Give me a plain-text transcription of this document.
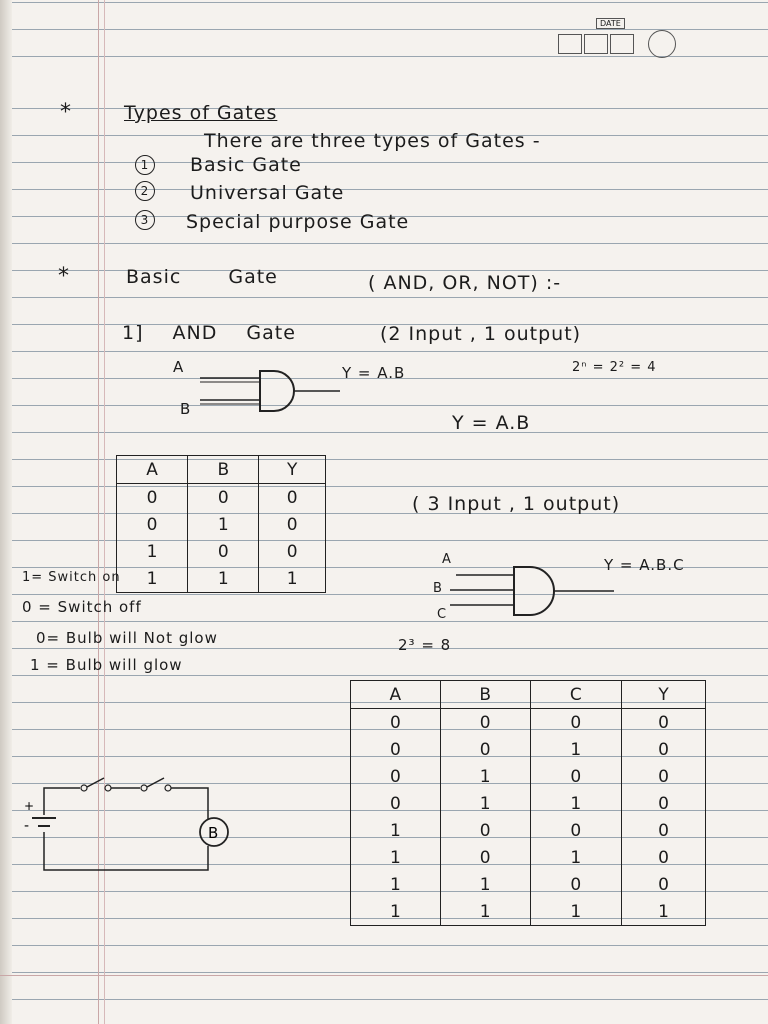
DATE
*	Types of Gates
There are three types of Gates -
1 Basic Gate
2 Universal Gate
3 Special purpose Gate
*	Basic Gate	( AND, OR, NOT) :-
1] AND Gate	(2 Input , 1 output)
A
B
Y = A.B	2ⁿ = 2² = 4
Y = A.B
A	B	Y
0	0	0
0	1	0
1	0	0
1	1	1
1= Switch on
0 = Switch off
0= Bulb will Not glow
1 = Bulb will glow
( 3 Input , 1 output)
A
B
C
Y = A.B.C
2³ = 8
A	B	C	Y
0	0	0	0
0	0	1	0
0	1	0	0
0	1	1	0
1	0	0	0
1	0	1	0
1	1	0	0
1	1	1	1
+
-	B
